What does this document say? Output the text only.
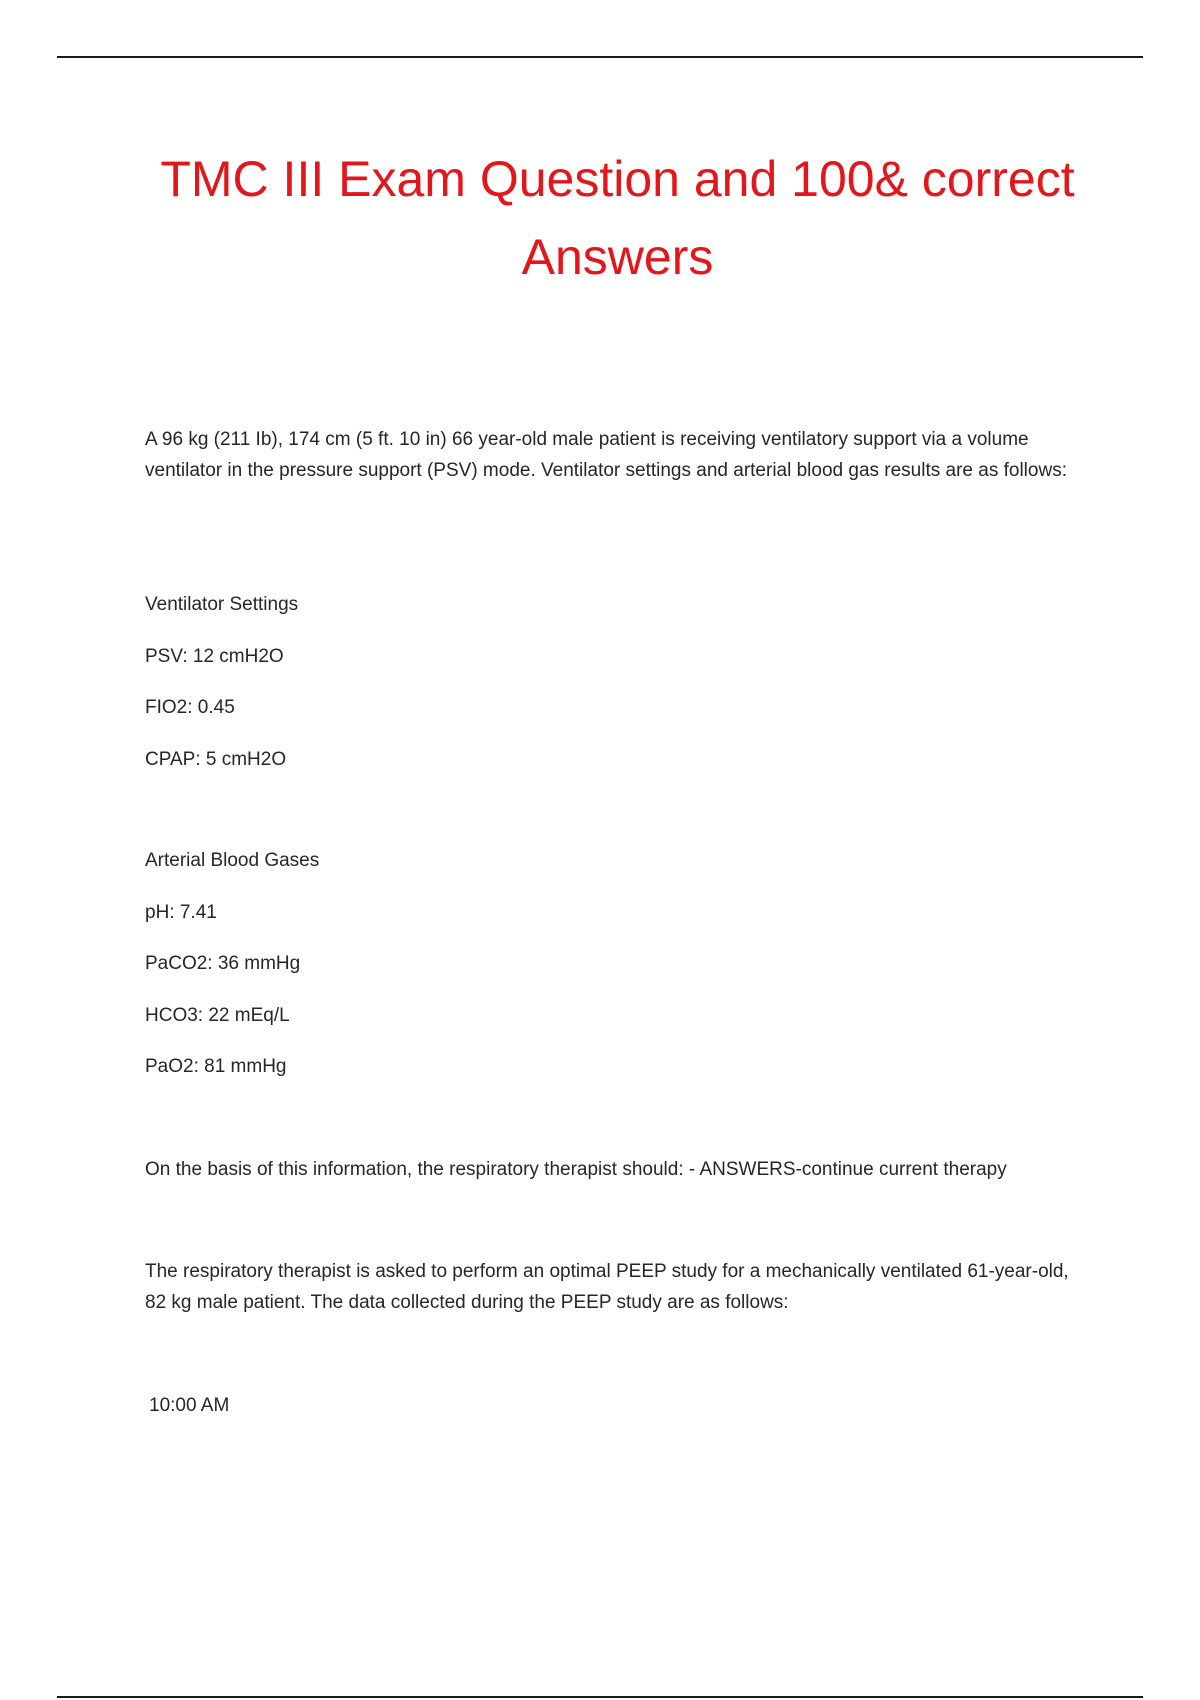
TMC III Exam Question and 100& correct Answers

A 96 kg (211 Ib), 174 cm (5 ft. 10 in) 66 year-old male patient is receiving ventilatory support via a volume ventilator in the pressure support (PSV) mode. Ventilator settings and arterial blood gas results are as follows:

Ventilator Settings

PSV: 12 cmH2O

FIO2: 0.45

CPAP: 5 cmH2O

Arterial Blood Gases

pH: 7.41

PaCO2: 36 mmHg

HCO3: 22 mEq/L

PaO2: 81 mmHg

On the basis of this information, the respiratory therapist should: - ANSWERS-continue current therapy

The respiratory therapist is asked to perform an optimal PEEP study for a mechanically ventilated 61-year-old, 82 kg male patient. The data collected during the PEEP study are as follows:

10:00 AM
